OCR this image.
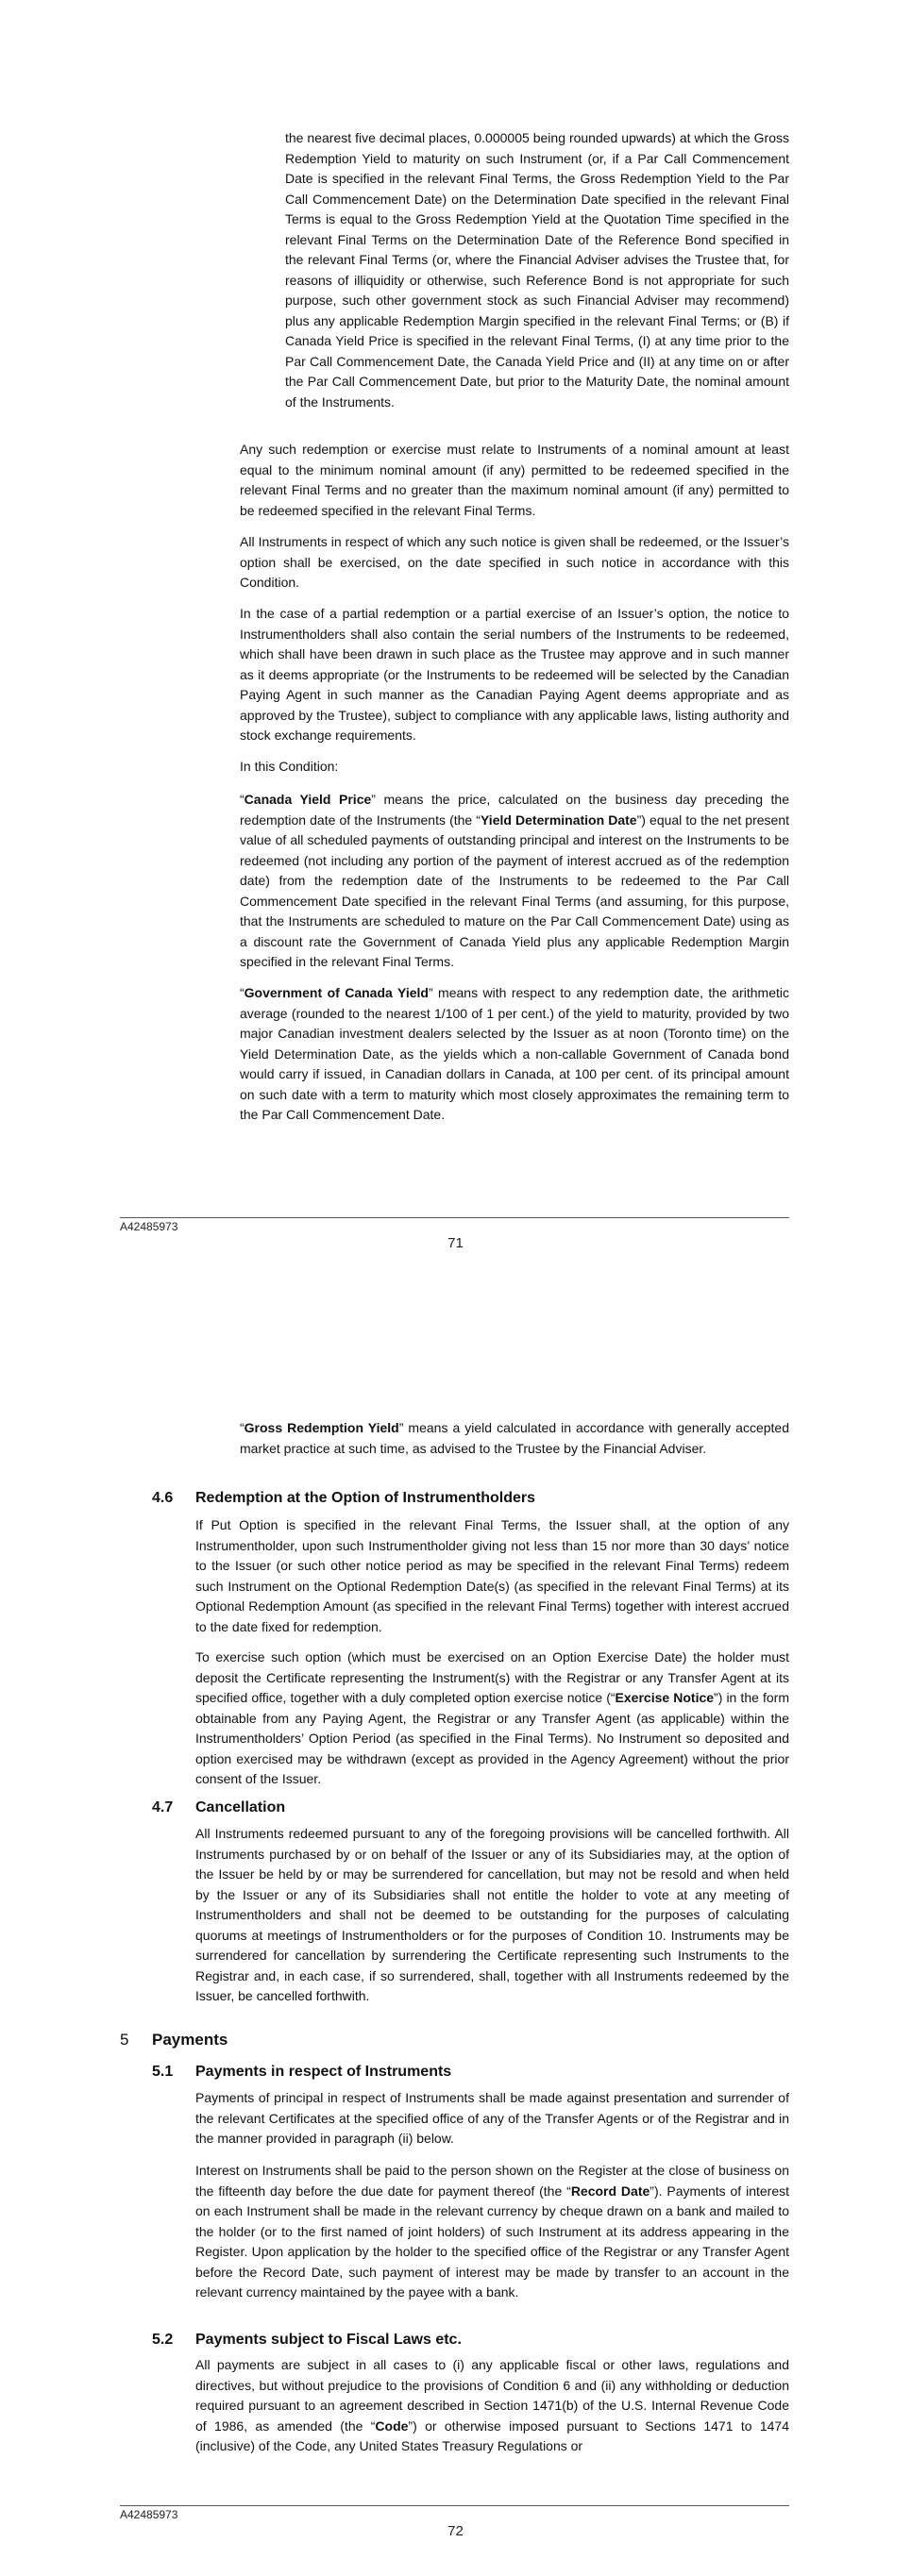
the nearest five decimal places, 0.000005 being rounded upwards) at which the Gross Redemption Yield to maturity on such Instrument (or, if a Par Call Commencement Date is specified in the relevant Final Terms, the Gross Redemption Yield to the Par Call Commencement Date) on the Determination Date specified in the relevant Final Terms is equal to the Gross Redemption Yield at the Quotation Time specified in the relevant Final Terms on the Determination Date of the Reference Bond specified in the relevant Final Terms (or, where the Financial Adviser advises the Trustee that, for reasons of illiquidity or otherwise, such Reference Bond is not appropriate for such purpose, such other government stock as such Financial Adviser may recommend) plus any applicable Redemption Margin specified in the relevant Final Terms; or (B) if Canada Yield Price is specified in the relevant Final Terms, (I) at any time prior to the Par Call Commencement Date, the Canada Yield Price and (II) at any time on or after the Par Call Commencement Date, but prior to the Maturity Date, the nominal amount of the Instruments.

Any such redemption or exercise must relate to Instruments of a nominal amount at least equal to the minimum nominal amount (if any) permitted to be redeemed specified in the relevant Final Terms and no greater than the maximum nominal amount (if any) permitted to be redeemed specified in the relevant Final Terms.

All Instruments in respect of which any such notice is given shall be redeemed, or the Issuer’s option shall be exercised, on the date specified in such notice in accordance with this Condition.

In the case of a partial redemption or a partial exercise of an Issuer’s option, the notice to Instrumentholders shall also contain the serial numbers of the Instruments to be redeemed, which shall have been drawn in such place as the Trustee may approve and in such manner as it deems appropriate (or the Instruments to be redeemed will be selected by the Canadian Paying Agent in such manner as the Canadian Paying Agent deems appropriate and as approved by the Trustee), subject to compliance with any applicable laws, listing authority and stock exchange requirements.

In this Condition:

“Canada Yield Price” means the price, calculated on the business day preceding the redemption date of the Instruments (the “Yield Determination Date”) equal to the net present value of all scheduled payments of outstanding principal and interest on the Instruments to be redeemed (not including any portion of the payment of interest accrued as of the redemption date) from the redemption date of the Instruments to be redeemed to the Par Call Commencement Date specified in the relevant Final Terms (and assuming, for this purpose, that the Instruments are scheduled to mature on the Par Call Commencement Date) using as a discount rate the Government of Canada Yield plus any applicable Redemption Margin specified in the relevant Final Terms.

“Government of Canada Yield” means with respect to any redemption date, the arithmetic average (rounded to the nearest 1/100 of 1 per cent.) of the yield to maturity, provided by two major Canadian investment dealers selected by the Issuer as at noon (Toronto time) on the Yield Determination Date, as the yields which a non-callable Government of Canada bond would carry if issued, in Canadian dollars in Canada, at 100 per cent. of its principal amount on such date with a term to maturity which most closely approximates the remaining term to the Par Call Commencement Date.

A42485973
71

“Gross Redemption Yield” means a yield calculated in accordance with generally accepted market practice at such time, as advised to the Trustee by the Financial Adviser.

4.6 Redemption at the Option of Instrumentholders

If Put Option is specified in the relevant Final Terms, the Issuer shall, at the option of any Instrumentholder, upon such Instrumentholder giving not less than 15 nor more than 30 days’ notice to the Issuer (or such other notice period as may be specified in the relevant Final Terms) redeem such Instrument on the Optional Redemption Date(s) (as specified in the relevant Final Terms) at its Optional Redemption Amount (as specified in the relevant Final Terms) together with interest accrued to the date fixed for redemption.

To exercise such option (which must be exercised on an Option Exercise Date) the holder must deposit the Certificate representing the Instrument(s) with the Registrar or any Transfer Agent at its specified office, together with a duly completed option exercise notice (“Exercise Notice”) in the form obtainable from any Paying Agent, the Registrar or any Transfer Agent (as applicable) within the Instrumentholders’ Option Period (as specified in the Final Terms). No Instrument so deposited and option exercised may be withdrawn (except as provided in the Agency Agreement) without the prior consent of the Issuer.

4.7 Cancellation

All Instruments redeemed pursuant to any of the foregoing provisions will be cancelled forthwith. All Instruments purchased by or on behalf of the Issuer or any of its Subsidiaries may, at the option of the Issuer be held by or may be surrendered for cancellation, but may not be resold and when held by the Issuer or any of its Subsidiaries shall not entitle the holder to vote at any meeting of Instrumentholders and shall not be deemed to be outstanding for the purposes of calculating quorums at meetings of Instrumentholders or for the purposes of Condition 10. Instruments may be surrendered for cancellation by surrendering the Certificate representing such Instruments to the Registrar and, in each case, if so surrendered, shall, together with all Instruments redeemed by the Issuer, be cancelled forthwith.

5 Payments
5.1 Payments in respect of Instruments

Payments of principal in respect of Instruments shall be made against presentation and surrender of the relevant Certificates at the specified office of any of the Transfer Agents or of the Registrar and in the manner provided in paragraph (ii) below.

Interest on Instruments shall be paid to the person shown on the Register at the close of business on the fifteenth day before the due date for payment thereof (the “Record Date”). Payments of interest on each Instrument shall be made in the relevant currency by cheque drawn on a bank and mailed to the holder (or to the first named of joint holders) of such Instrument at its address appearing in the Register. Upon application by the holder to the specified office of the Registrar or any Transfer Agent before the Record Date, such payment of interest may be made by transfer to an account in the relevant currency maintained by the payee with a bank.

5.2 Payments subject to Fiscal Laws etc.

All payments are subject in all cases to (i) any applicable fiscal or other laws, regulations and directives, but without prejudice to the provisions of Condition 6 and (ii) any withholding or deduction required pursuant to an agreement described in Section 1471(b) of the U.S. Internal Revenue Code of 1986, as amended (the “Code”) or otherwise imposed pursuant to Sections 1471 to 1474 (inclusive) of the Code, any United States Treasury Regulations or

A42485973
72
